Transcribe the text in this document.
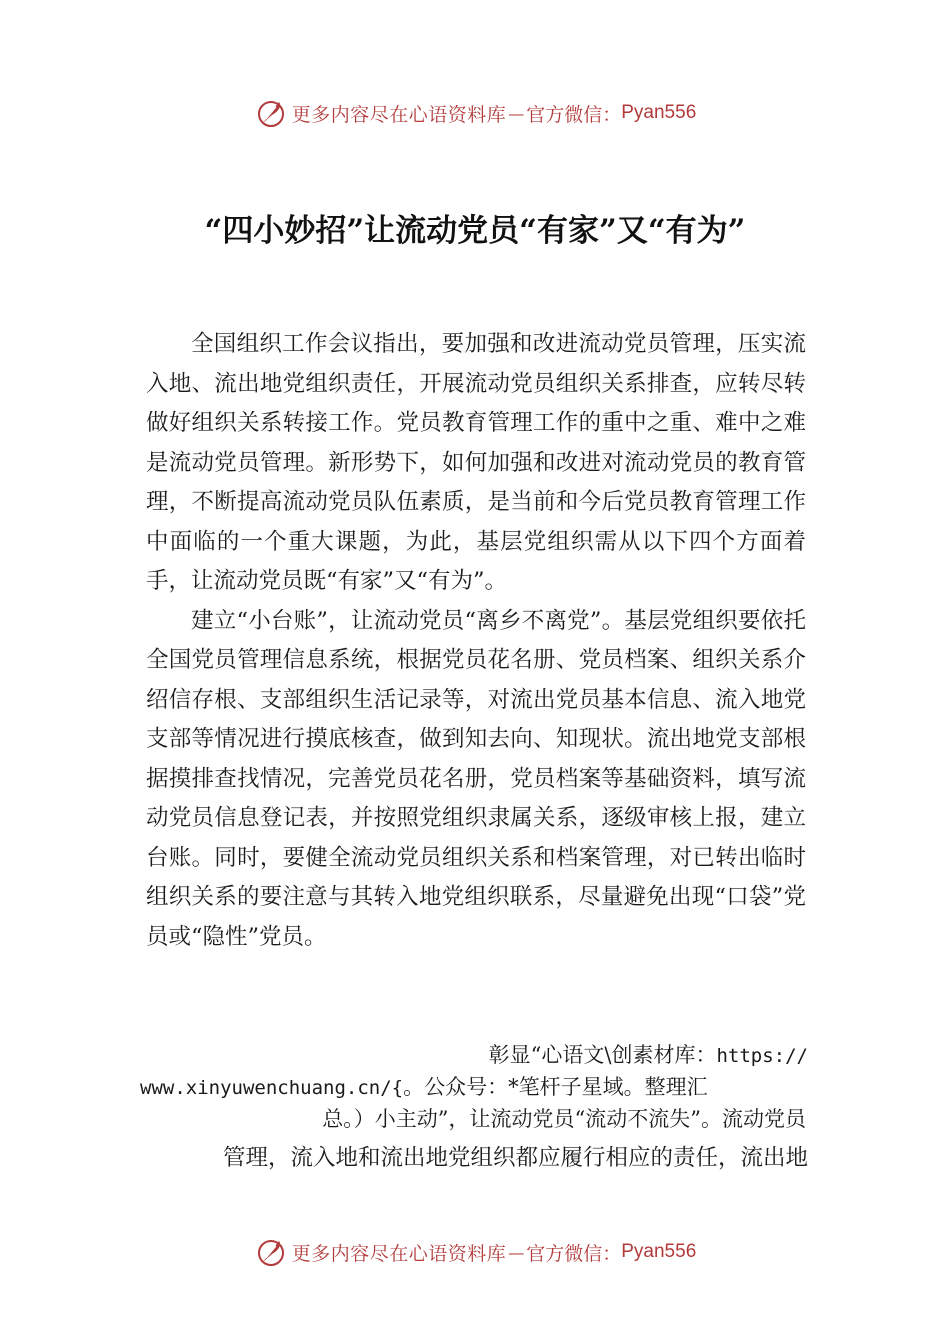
更多内容尽在心语资料库 — 官方微信： Pyan556
“四小妙招”让流动党员“有家”又“有为”

全国组织工作会议指出，要加强和改进流动党员管理，压实流入地、流出地党组织责任，开展流动党员组织关系排查，应转尽转做好组织关系转接工作。党员教育管理工作的重中之重、难中之难是流动党员管理。新形势下，如何加强和改进对流动党员的教育管理，不断提高流动党员队伍素质，是当前和今后党员教育管理工作中面临的一个重大课题，为此，基层党组织需从以下四个方面着手，让流动党员既“有家”又“有为”。

建立“小台账”，让流动党员“离乡不离党”。基层党组织要依托全国党员管理信息系统，根据党员花名册、党员档案、组织关系介绍信存根、支部组织生活记录等，对流出党员基本信息、流入地党支部等情况进行摸底核查，做到知去向、知现状。流出地党支部根据摸排查找情况，完善党员花名册，党员档案等基础资料，填写流动党员信息登记表，并按照党组织隶属关系，逐级审核上报，建立台账。同时，要健全流动党员组织关系和档案管理，对已转出临时组织关系的要注意与其转入地党组织联系，尽量避免出现“口袋”党员或“隐性”党员。

彰显“心语文\创素材库：https://
www.xinyuwenchuang.cn/{。公众号：*笔杆子星域。整理汇
总。）小主动”，让流动党员“流动不流失”。流动党员
管理，流入地和流出地党组织都应履行相应的责任，流出地
更多内容尽在心语资料库 — 官方微信： Pyan556
